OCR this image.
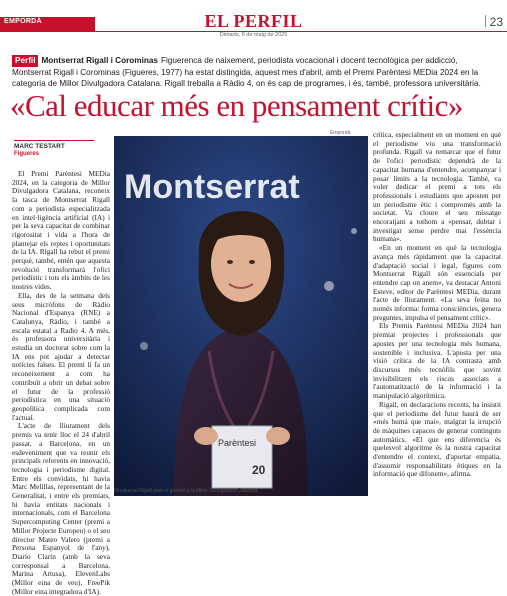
EMPORDÀ	EL PERFIL
Dimarts, 6 de maig de 2025
23
Perfil Montserrat Rigall i Corominas Figuerenca de naixement, periodista vocacional i docent tecnològica per addicció, Montserrat Rigall i Corominas (Figueres, 1977) ha estat distingida, aquest mes d'abril, amb el Premi Parèntesi MEDia 2024 en la categoria de Millor Divulgadora Catalana. Rigall treballa a Ràdio 4, on és cap de programes, i és, també, professora universitària.
«Cal educar més en pensament crític»
MARC TESTART
Figueres

El Premi Parèntesi MEDia 2024, en la categoria de Millor Divulgadora Catalana, reconeix la tasca de Montserrat Rigall com a periodista especialitzada en intel·ligència artificial (IA) i per la seva capacitat de combinar rigorositat i vida a l'hora de plantejar els reptes i oportunitats de la IA. Rigall ha rebut el premi perquè, també, entén que aquesta revolució transformarà l'ofici periodístic i tots els àmbits de les nostres vides.

Ella, des de la setmana dels seus micròfons de Ràdio Nacional d'Espanya (RNE) a Catalunya, Ràdio, i també a escala estatal a Radio 4. A més, és professora universitària i estudia un doctorat sobre com la IA ens pot ajudar a detectar notícies falses. El premi li fa un reconeixement a com ha contribuït a obrir un debat sobre el futur de la professió periodística en una situació geopolítica complicada com l'actual.

L'acte de lliurament dels premis va tenir lloc el 24 d'abril passat, a Barcelona, en un esdeveniment que va reunir els principals referents en innovació, tecnologia i periodisme digital. Entre els convidats, hi havia Marc Melillas, representant de la Generalitat, i entre els premiats, hi havia entitats nacionals i internacionals, com el Barcelona Supercomputing Center (premi a Millor Projecte Europeu) o el seu director Mateo Valero (premi a Persona Espanyol de l'any), Diario Clarín (amb la seva corresponsal a Barcelona, Marina Artusa), ElevenLabs (Millor eina de veu), FreePik (Millor eina integradora d'IA).

Empordà
Montserrat
Parèntesi
20
Montserrat Rigall amb el guardó a la Millor Divulgadora Catalana.

crítica, especialment en un moment en què el periodisme viu una transformació profunda. Rigall va remarcar que el futur de l'ofici periodístic dependrà de la capacitat humana d'entendre, acompanyar i posar límits a la tecnologia. També, va voler dedicar el premi a tots els professionals i estudiants que aposten per un periodisme ètic i compromès amb la societat. Va cloure el seu missatge encoratjant a tothom a «pensar, dubtar i investigar sense perdre mai l'essència humana».

«En un moment en què la tecnologia avança més ràpidament que la capacitat d'adaptació social i legal, figures com Montserrat Rigall són essencials per entendre cap on anem», va destacar Antoni Esteve, editor de Parèntesi MEDia, durant l'acte de lliurament. «La seva feina no només informa: forma consciències, genera preguntes, impulsa el pensament crític».

Els Premis Parèntesi MEDia 2024 han premiat projectes i professionals que apostes per una tecnologia més humana, sostenible i inclusiva. L'aposta per una visió crítica de la IA contrasta amb discursos més tecnòfils que sovint invisibilitzen els riscos associats a l'automatització de la informació i la manipulació algorítmica.

Rigall, en declaracions recents, ha insistit que el periodisme del futur haurà de ser «més humà que mai», malgrat la irrupció de màquines capaces de generar continguts automàtics. «El que ens diferencia és quelesvol algoritme és la nostra capacitat d'entendre el context, d'aportar empatia, d'assumir responsabilitats ètiques en la informació que difonem», afirma.
